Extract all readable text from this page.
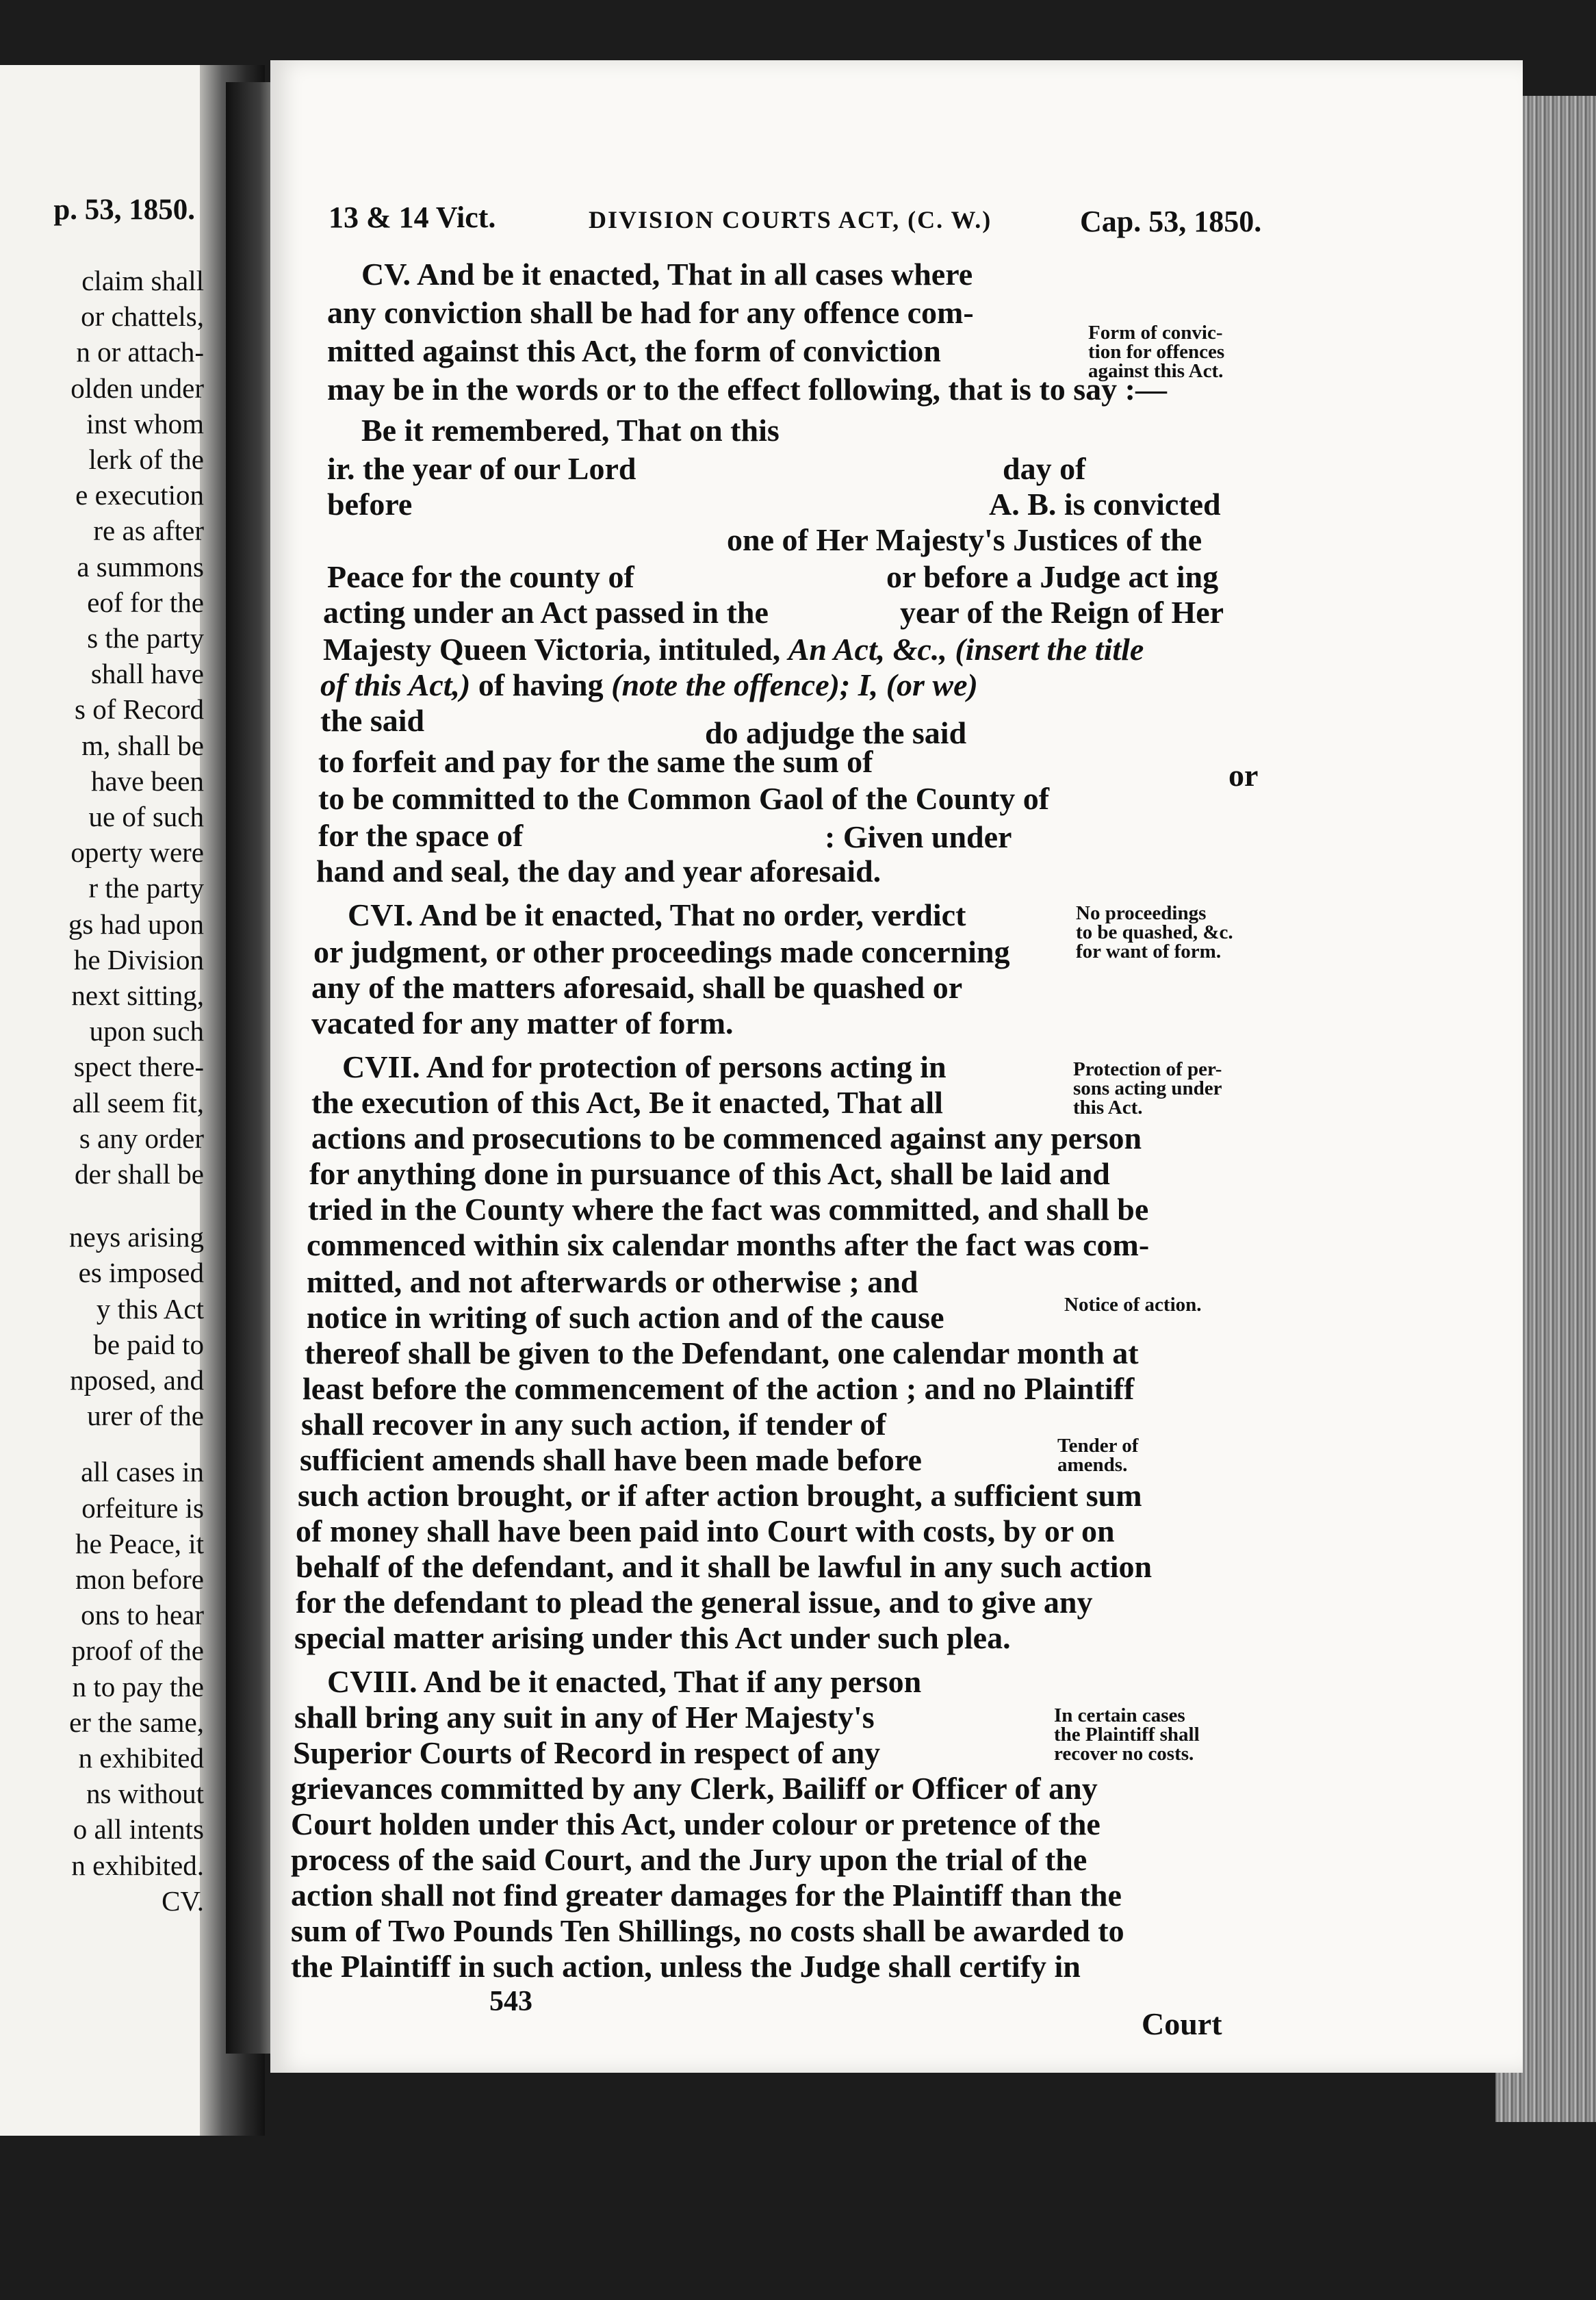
p. 53, 1850.
claim shall
or chattels,
n or attach-
olden under
inst whom
lerk of the
e execution
re as after
a summons
eof for the
s the party
shall have
s of Record
m, shall be
have been
ue of such
operty were
r the party
gs had upon
he Division
next sitting,
upon such
spect there-
all seem fit,
s any order
der shall be
neys arising
es imposed
y this Act
be paid to
nposed, and
urer of the
all cases in
orfeiture is
he Peace, it
mon before
ons to hear
proof of the
n to pay the
er the same,
n exhibited
ns without
o all intents
n exhibited.
CV.
13 & 14 Vict.	DIVISION COURTS ACT, (C. W.)	Cap. 53, 1850.
CV. And be it enacted, That in all cases where
any conviction shall be had for any offence com-
mitted against this Act, the form of conviction
may be in the words or to the effect following, that is to say :—
Be it remembered, That on this
ir. the year of our Lord	day of
before	A. B. is convicted
one of Her Majesty's Justices of the
Peace for the county of	or before a Judge act ing
acting under an Act passed in the	year of the Reign of Her
Majesty Queen Victoria, intituled, An Act, &c., (insert the title
of this Act,) of having (note the offence); I, (or we)
the said	do adjudge the said
to forfeit and pay for the same the sum of	or
to be committed to the Common Gaol of the County of
for the space of	: Given under
hand and seal, the day and year aforesaid.
CVI. And be it enacted, That no order, verdict
or judgment, or other proceedings made concerning
any of the matters aforesaid, shall be quashed or
vacated for any matter of form.
CVII. And for protection of persons acting in
the execution of this Act, Be it enacted, That all
actions and prosecutions to be commenced against any person
for anything done in pursuance of this Act, shall be laid and
tried in the County where the fact was committed, and shall be
commenced within six calendar months after the fact was com-
mitted, and not afterwards or otherwise ; and
notice in writing of such action and of the cause
thereof shall be given to the Defendant, one calendar month at
least before the commencement of the action ; and no Plaintiff
shall recover in any such action, if tender of
sufficient amends shall have been made before
such action brought, or if after action brought, a sufficient sum
of money shall have been paid into Court with costs, by or on
behalf of the defendant, and it shall be lawful in any such action
for the defendant to plead the general issue, and to give any
special matter arising under this Act under such plea.
CVIII. And be it enacted, That if any person
shall bring any suit in any of Her Majesty's
Superior Courts of Record in respect of any
grievances committed by any Clerk, Bailiff or Officer of any
Court holden under this Act, under colour or pretence of the
process of the said Court, and the Jury upon the trial of the
action shall not find greater damages for the Plaintiff than the
sum of Two Pounds Ten Shillings, no costs shall be awarded to
the Plaintiff in such action, unless the Judge shall certify in
Form of convic-
tion for offences
against this Act.
No proceedings
to be quashed, &c.
for want of form.
Protection of per-
sons acting under
this Act.
Notice of action.
Tender of
amends.
In certain cases
the Plaintiff shall
recover no costs.
543
Court
